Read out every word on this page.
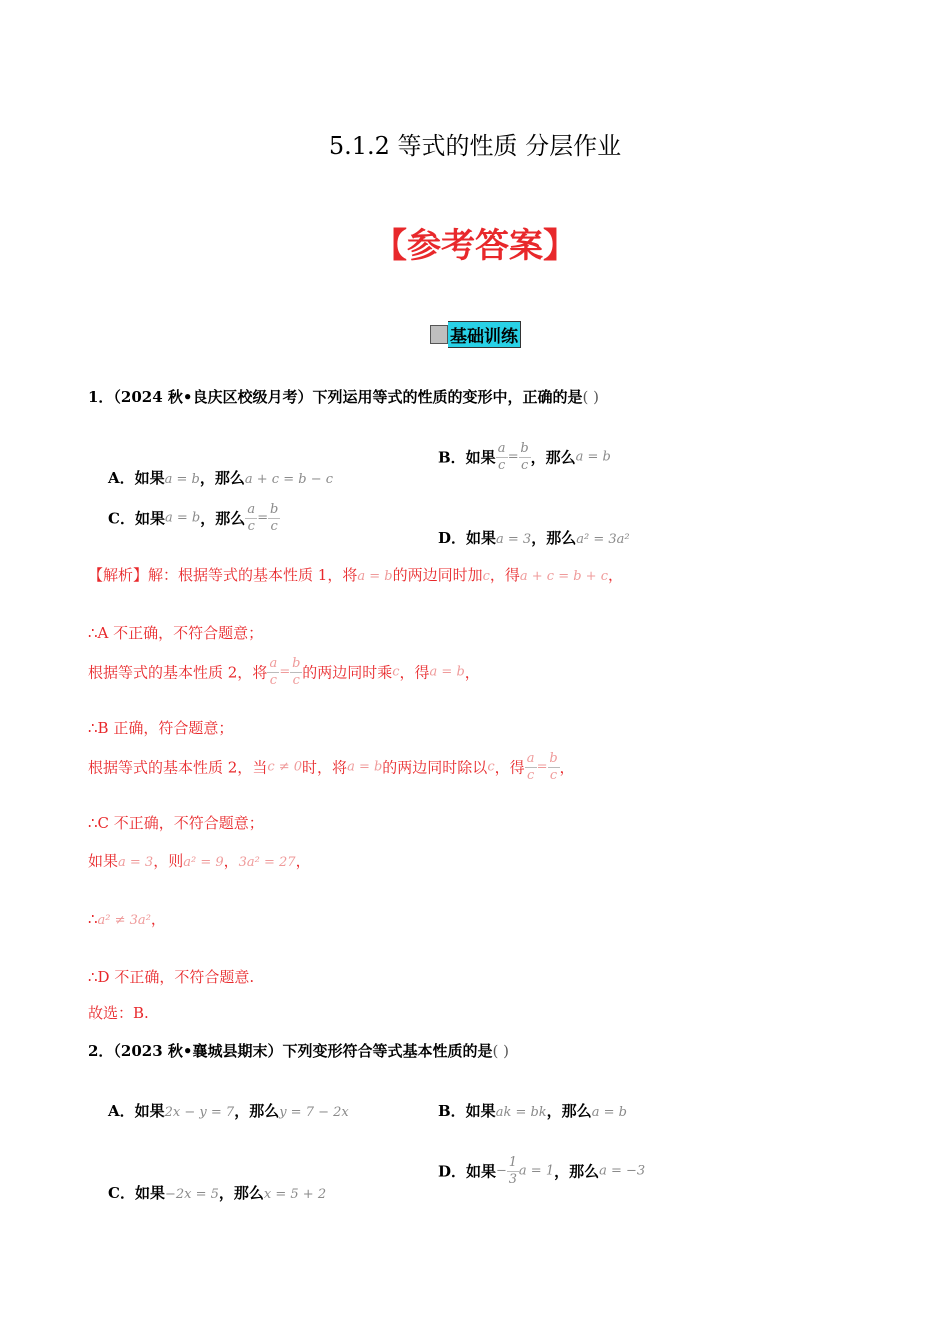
5.1.2 等式的性质 分层作业
【参考答案】
基础训练
1．（2024 秋•良庆区校级月考）下列运用等式的性质的变形中，正确的是( )
A．如果a = b，那么a + c = b − c
B．如果 $\frac{a}{c} = \frac{b}{c}$ ，那么a = b
C．如果a = b，那么 $\frac{a}{c} = \frac{b}{c}$
D．如果a = 3，那么a² = 3a²
【解析】解：根据等式的基本性质 1，将a = b的两边同时加c，得a + c = b + c，
∴A 不正确，不符合题意；
根据等式的基本性质 2，将 $\frac{a}{c} = \frac{b}{c}$ 的两边同时乘c，得a = b，
∴B 正确，符合题意；
根据等式的基本性质 2，当c ≠ 0时，将a = b的两边同时除以c，得 $\frac{a}{c} = \frac{b}{c}$ ，
∴C 不正确，不符合题意；
如果a = 3，则a² = 9，3a² = 27，
∴a² ≠ 3a²，
∴D 不正确，不符合题意.
故选：B.
2．（2023 秋•襄城县期末）下列变形符合等式基本性质的是( )
A．如果2x − y = 7，那么y = 7 − 2x	B．如果ak = bk，那么a = b
C．如果−2x = 5，那么x = 5 + 2
D．如果− $\frac{1}{3}$ a = 1，那么a = −3
